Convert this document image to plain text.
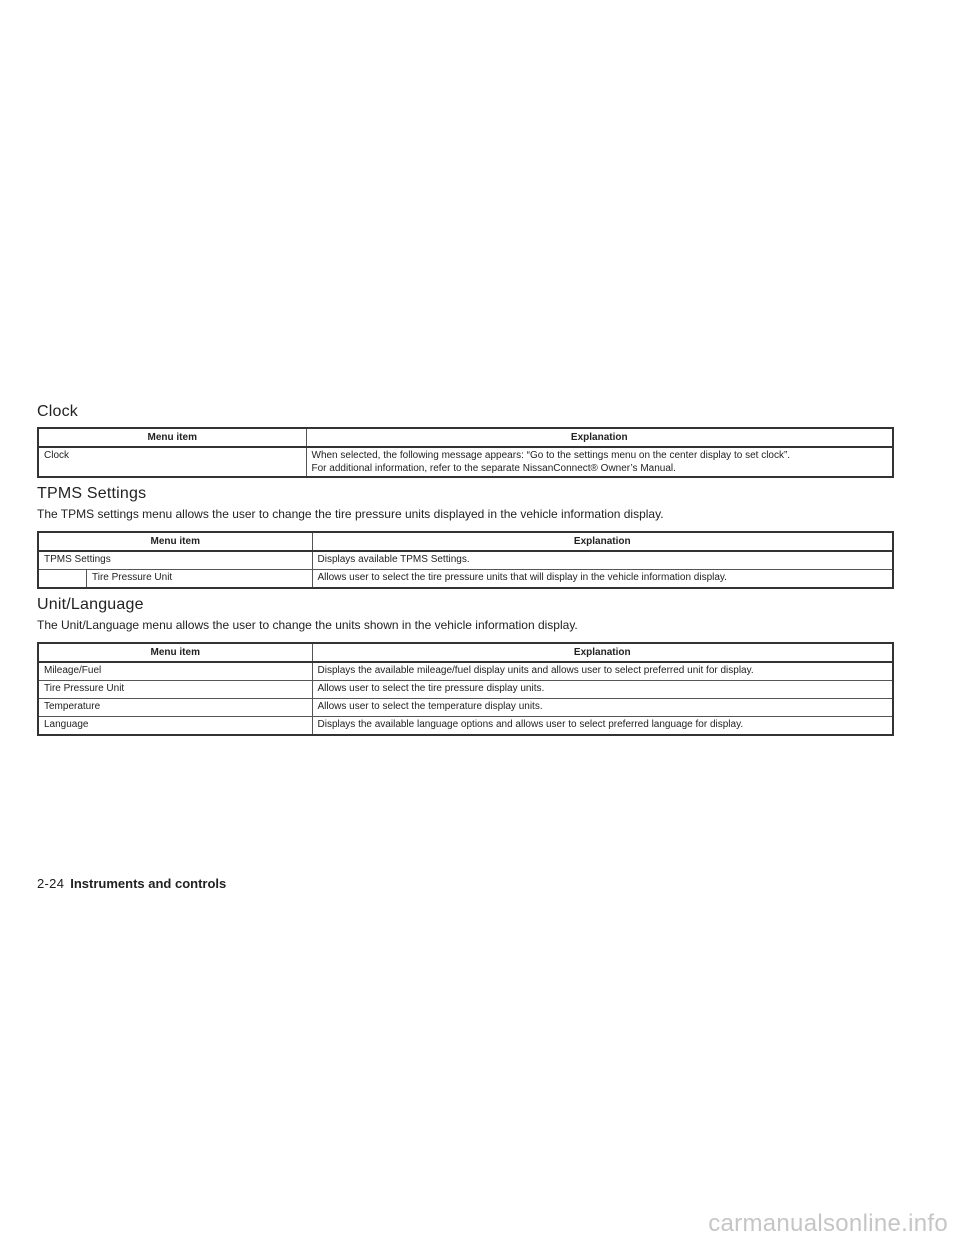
Clock
Menu item	Explanation
Clock	When selected, the following message appears: “Go to the settings menu on the center display to set clock”.
For additional information, refer to the separate NissanConnect® Owner’s Manual.
TPMS Settings

The TPMS settings menu allows the user to change the tire pressure units displayed in the vehicle information display.

Menu item	Explanation
TPMS Settings	Displays available TPMS Settings.

Tire Pressure Unit	Allows user to select the tire pressure units that will display in the vehicle information display.
Unit/Language

The Unit/Language menu allows the user to change the units shown in the vehicle information display.

Menu item	Explanation
Mileage/Fuel	Displays the available mileage/fuel display units and allows user to select preferred unit for display.
Tire Pressure Unit	Allows user to select the tire pressure display units.
Temperature	Allows user to select the temperature display units.
Language	Displays the available language options and allows user to select preferred language for display.
2-24 Instruments and controls
carmanualsonline.info
